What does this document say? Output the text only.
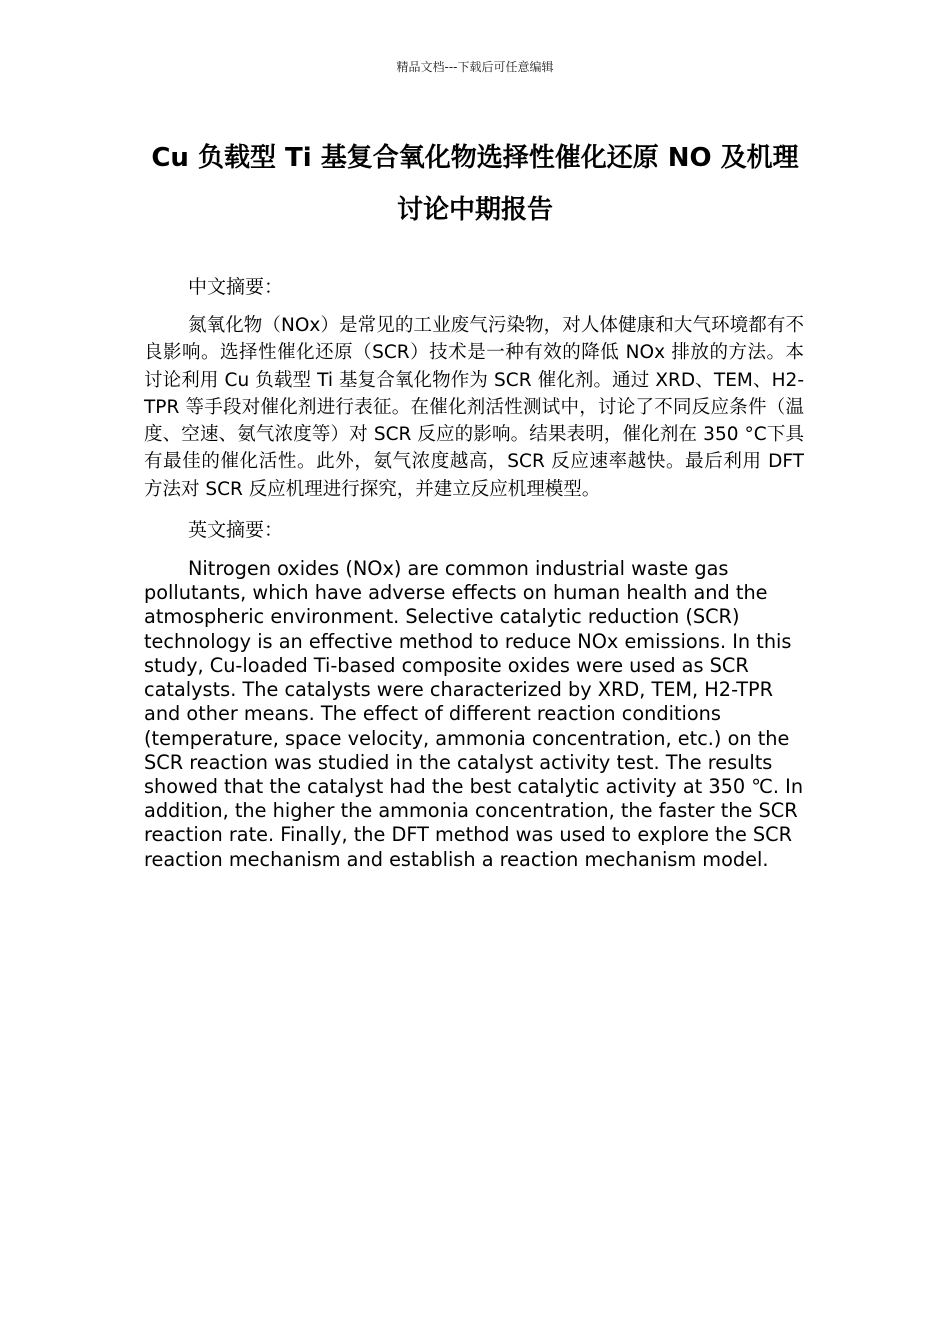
精品文档---下载后可任意编辑
Cu 负载型 Ti 基复合氧化物选择性催化还原 NO 及机理讨论中期报告

中文摘要：

氮氧化物（NOx）是常见的工业废气污染物，对人体健康和大气环境都有不良影响。选择性催化还原（SCR）技术是一种有效的降低 NOx 排放的方法。本讨论利用 Cu 负载型 Ti 基复合氧化物作为 SCR 催化剂。通过 XRD、TEM、H2-TPR 等手段对催化剂进行表征。在催化剂活性测试中，讨论了不同反应条件（温度、空速、氨气浓度等）对 SCR 反应的影响。结果表明，催化剂在 350 °C下具有最佳的催化活性。此外，氨气浓度越高，SCR 反应速率越快。最后利用 DFT 方法对 SCR 反应机理进行探究，并建立反应机理模型。

英文摘要：

Nitrogen oxides (NOx) are common industrial waste gas pollutants, which have adverse effects on human health and the atmospheric environment. Selective catalytic reduction (SCR) technology is an effective method to reduce NOx emissions. In this study, Cu-loaded Ti-based composite oxides were used as SCR catalysts. The catalysts were characterized by XRD, TEM, H2-TPR and other means. The effect of different reaction conditions (temperature, space velocity, ammonia concentration, etc.) on the SCR reaction was studied in the catalyst activity test. The results showed that the catalyst had the best catalytic activity at 350 ℃. In addition, the higher the ammonia concentration, the faster the SCR reaction rate. Finally, the DFT method was used to explore the SCR reaction mechanism and establish a reaction mechanism model.
